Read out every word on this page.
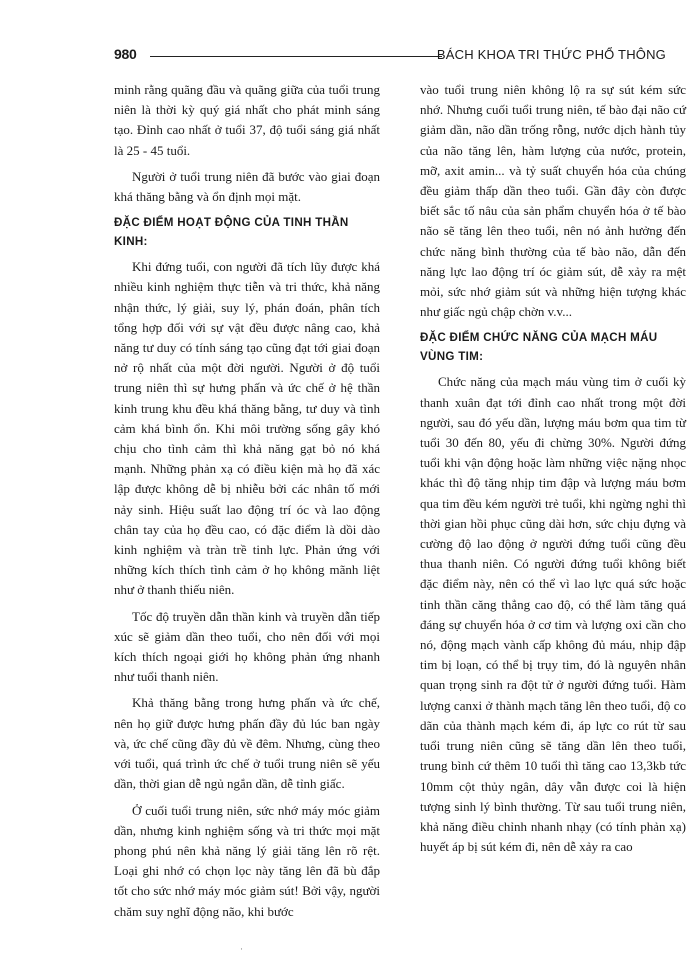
980	BÁCH KHOA TRI THỨC PHỔ THÔNG

minh rằng quãng đầu và quãng giữa của tuổi trung niên là thời kỳ quý giá nhất cho phát minh sáng tạo. Đỉnh cao nhất ở tuổi 37, độ tuổi sáng giá nhất là 25 - 45 tuổi.

Người ở tuổi trung niên đã bước vào giai đoạn khá thăng bằng và ổn định mọi mặt.

ĐẶC ĐIỂM HOẠT ĐỘNG CỦA TINH THẦN KINH:

Khi đứng tuổi, con người đã tích lũy được khá nhiều kinh nghiệm thực tiễn và tri thức, khả năng nhận thức, lý giải, suy lý, phán đoán, phân tích tổng hợp đối với sự vật đều được nâng cao, khả năng tư duy có tính sáng tạo cũng đạt tới giai đoạn nở rộ nhất của một đời người. Người ở độ tuổi trung niên thì sự hưng phấn và ức chế ở hệ thần kinh trung khu đều khá thăng bằng, tư duy và tình cảm khá bình ổn. Khi môi trường sống gây khó chịu cho tình cảm thì khả năng gạt bỏ nó khá mạnh. Những phản xạ có điều kiện mà họ đã xác lập được không dễ bị nhiễu bởi các nhân tố mới nảy sinh. Hiệu suất lao động trí óc và lao động chân tay của họ đều cao, có đặc điểm là dồi dào kinh nghiệm và tràn trề tinh lực. Phản ứng với những kích thích tình cảm ở họ không mãnh liệt như ở thanh thiếu niên.

Tốc độ truyền dẫn thần kinh và truyền dẫn tiếp xúc sẽ giảm dần theo tuổi, cho nên đối với mọi kích thích ngoại giới họ không phản ứng nhanh như tuổi thanh niên.

Khả thăng bằng trong hưng phấn và ức chế, nên họ giữ được hưng phấn đầy đủ lúc ban ngày và, ức chế cũng đầy đủ về đêm. Nhưng, cùng theo với tuổi, quá trình ức chế ở tuổi trung niên sẽ yếu dần, thời gian dễ ngủ ngắn dần, dễ tỉnh giấc.

Ở cuối tuổi trung niên, sức nhớ máy móc giảm dần, nhưng kinh nghiệm sống và tri thức mọi mặt phong phú nên khả năng lý giải tăng lên rõ rệt. Loại ghi nhớ có chọn lọc này tăng lên đã bù đắp tốt cho sức nhớ máy móc giảm sút! Bởi vậy, người chăm suy nghĩ động não, khi bước

vào tuổi trung niên không lộ ra sự sút kém sức nhớ. Nhưng cuối tuổi trung niên, tế bào đại não cứ giảm dần, não dần trống rỗng, nước dịch hành tủy của não tăng lên, hàm lượng của nước, protein, mỡ, axit amin... và tỷ suất chuyển hóa của chúng đều giảm thấp dần theo tuổi. Gần đây còn được biết sắc tố nâu của sản phẩm chuyển hóa ở tế bào não sẽ tăng lên theo tuổi, nên nó ảnh hưởng đến chức năng bình thường của tế bào não, dẫn đến năng lực lao động trí óc giảm sút, dễ xảy ra mệt mỏi, sức nhớ giảm sút và những hiện tượng khác như giấc ngủ chập chờn v.v...

ĐẶC ĐIỂM CHỨC NĂNG CỦA MẠCH MÁU VÙNG TIM:

Chức năng của mạch máu vùng tim ở cuối kỳ thanh xuân đạt tới đỉnh cao nhất trong một đời người, sau đó yếu dần, lượng máu bơm qua tim từ tuổi 30 đến 80, yếu đi chừng 30%. Người đứng tuổi khi vận động hoặc làm những việc nặng nhọc khác thì độ tăng nhịp tim đập và lượng máu bơm qua tim đều kém người trẻ tuổi, khi ngừng nghỉ thì thời gian hồi phục cũng dài hơn, sức chịu đựng và cường độ lao động ở người đứng tuổi cũng đều thua thanh niên. Có người đứng tuổi không biết đặc điểm này, nên có thể vì lao lực quá sức hoặc tinh thần căng thẳng cao độ, có thể làm tăng quá đáng sự chuyển hóa ở cơ tim và lượng oxi cần cho nó, động mạch vành cấp không đủ máu, nhịp đập tim bị loạn, có thể bị trụy tim, đó là nguyên nhân quan trọng sinh ra đột tử ở người đứng tuổi. Hàm lượng canxi ở thành mạch tăng lên theo tuổi, độ co dãn của thành mạch kém đi, áp lực co rút từ sau tuổi trung niên cũng sẽ tăng dần lên theo tuổi, trung bình cứ thêm 10 tuổi thì tăng cao 13,3kb tức 10mm cột thủy ngân, dây vẫn được coi là hiện tượng sinh lý bình thường. Từ sau tuổi trung niên, khả năng điều chỉnh nhanh nhạy (có tính phản xạ) huyết áp bị sút kém đi, nên dễ xảy ra cao

·
